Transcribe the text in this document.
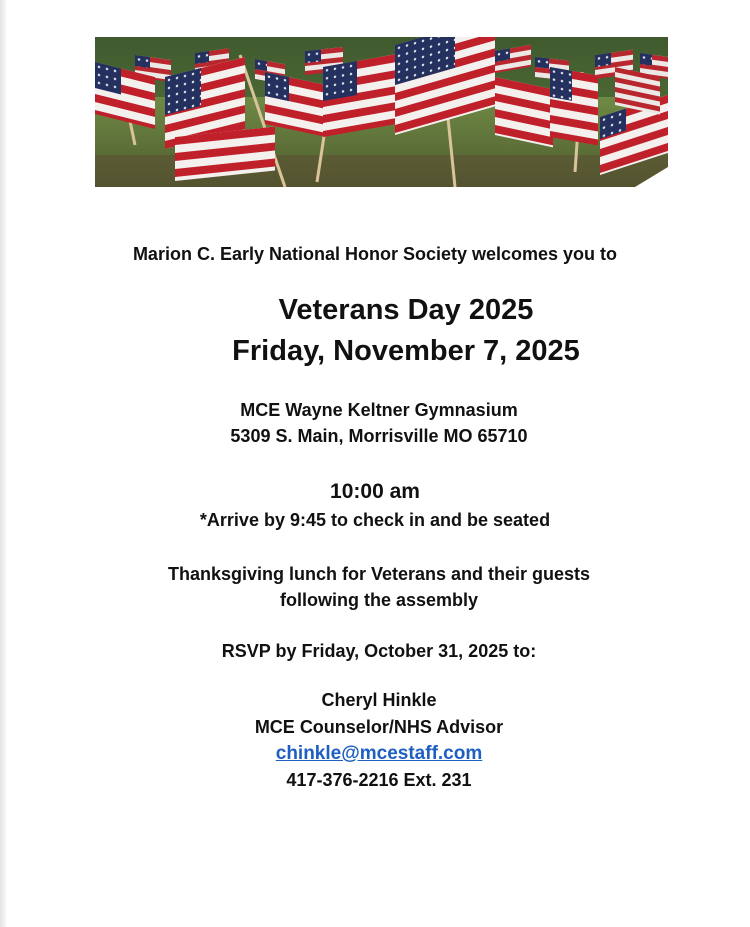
Marion C. Early National Honor Society welcomes you to
Veterans Day 2025
Friday, November 7, 2025
MCE Wayne Keltner Gymnasium
5309 S. Main, Morrisville MO 65710
10:00 am
*Arrive by 9:45 to check in and be seated
Thanksgiving lunch for Veterans and their guests
following the assembly
RSVP by Friday, October 31, 2025 to:
Cheryl Hinkle
MCE Counselor/NHS Advisor
chinkle@mcestaff.com
417-376-2216 Ext. 231
